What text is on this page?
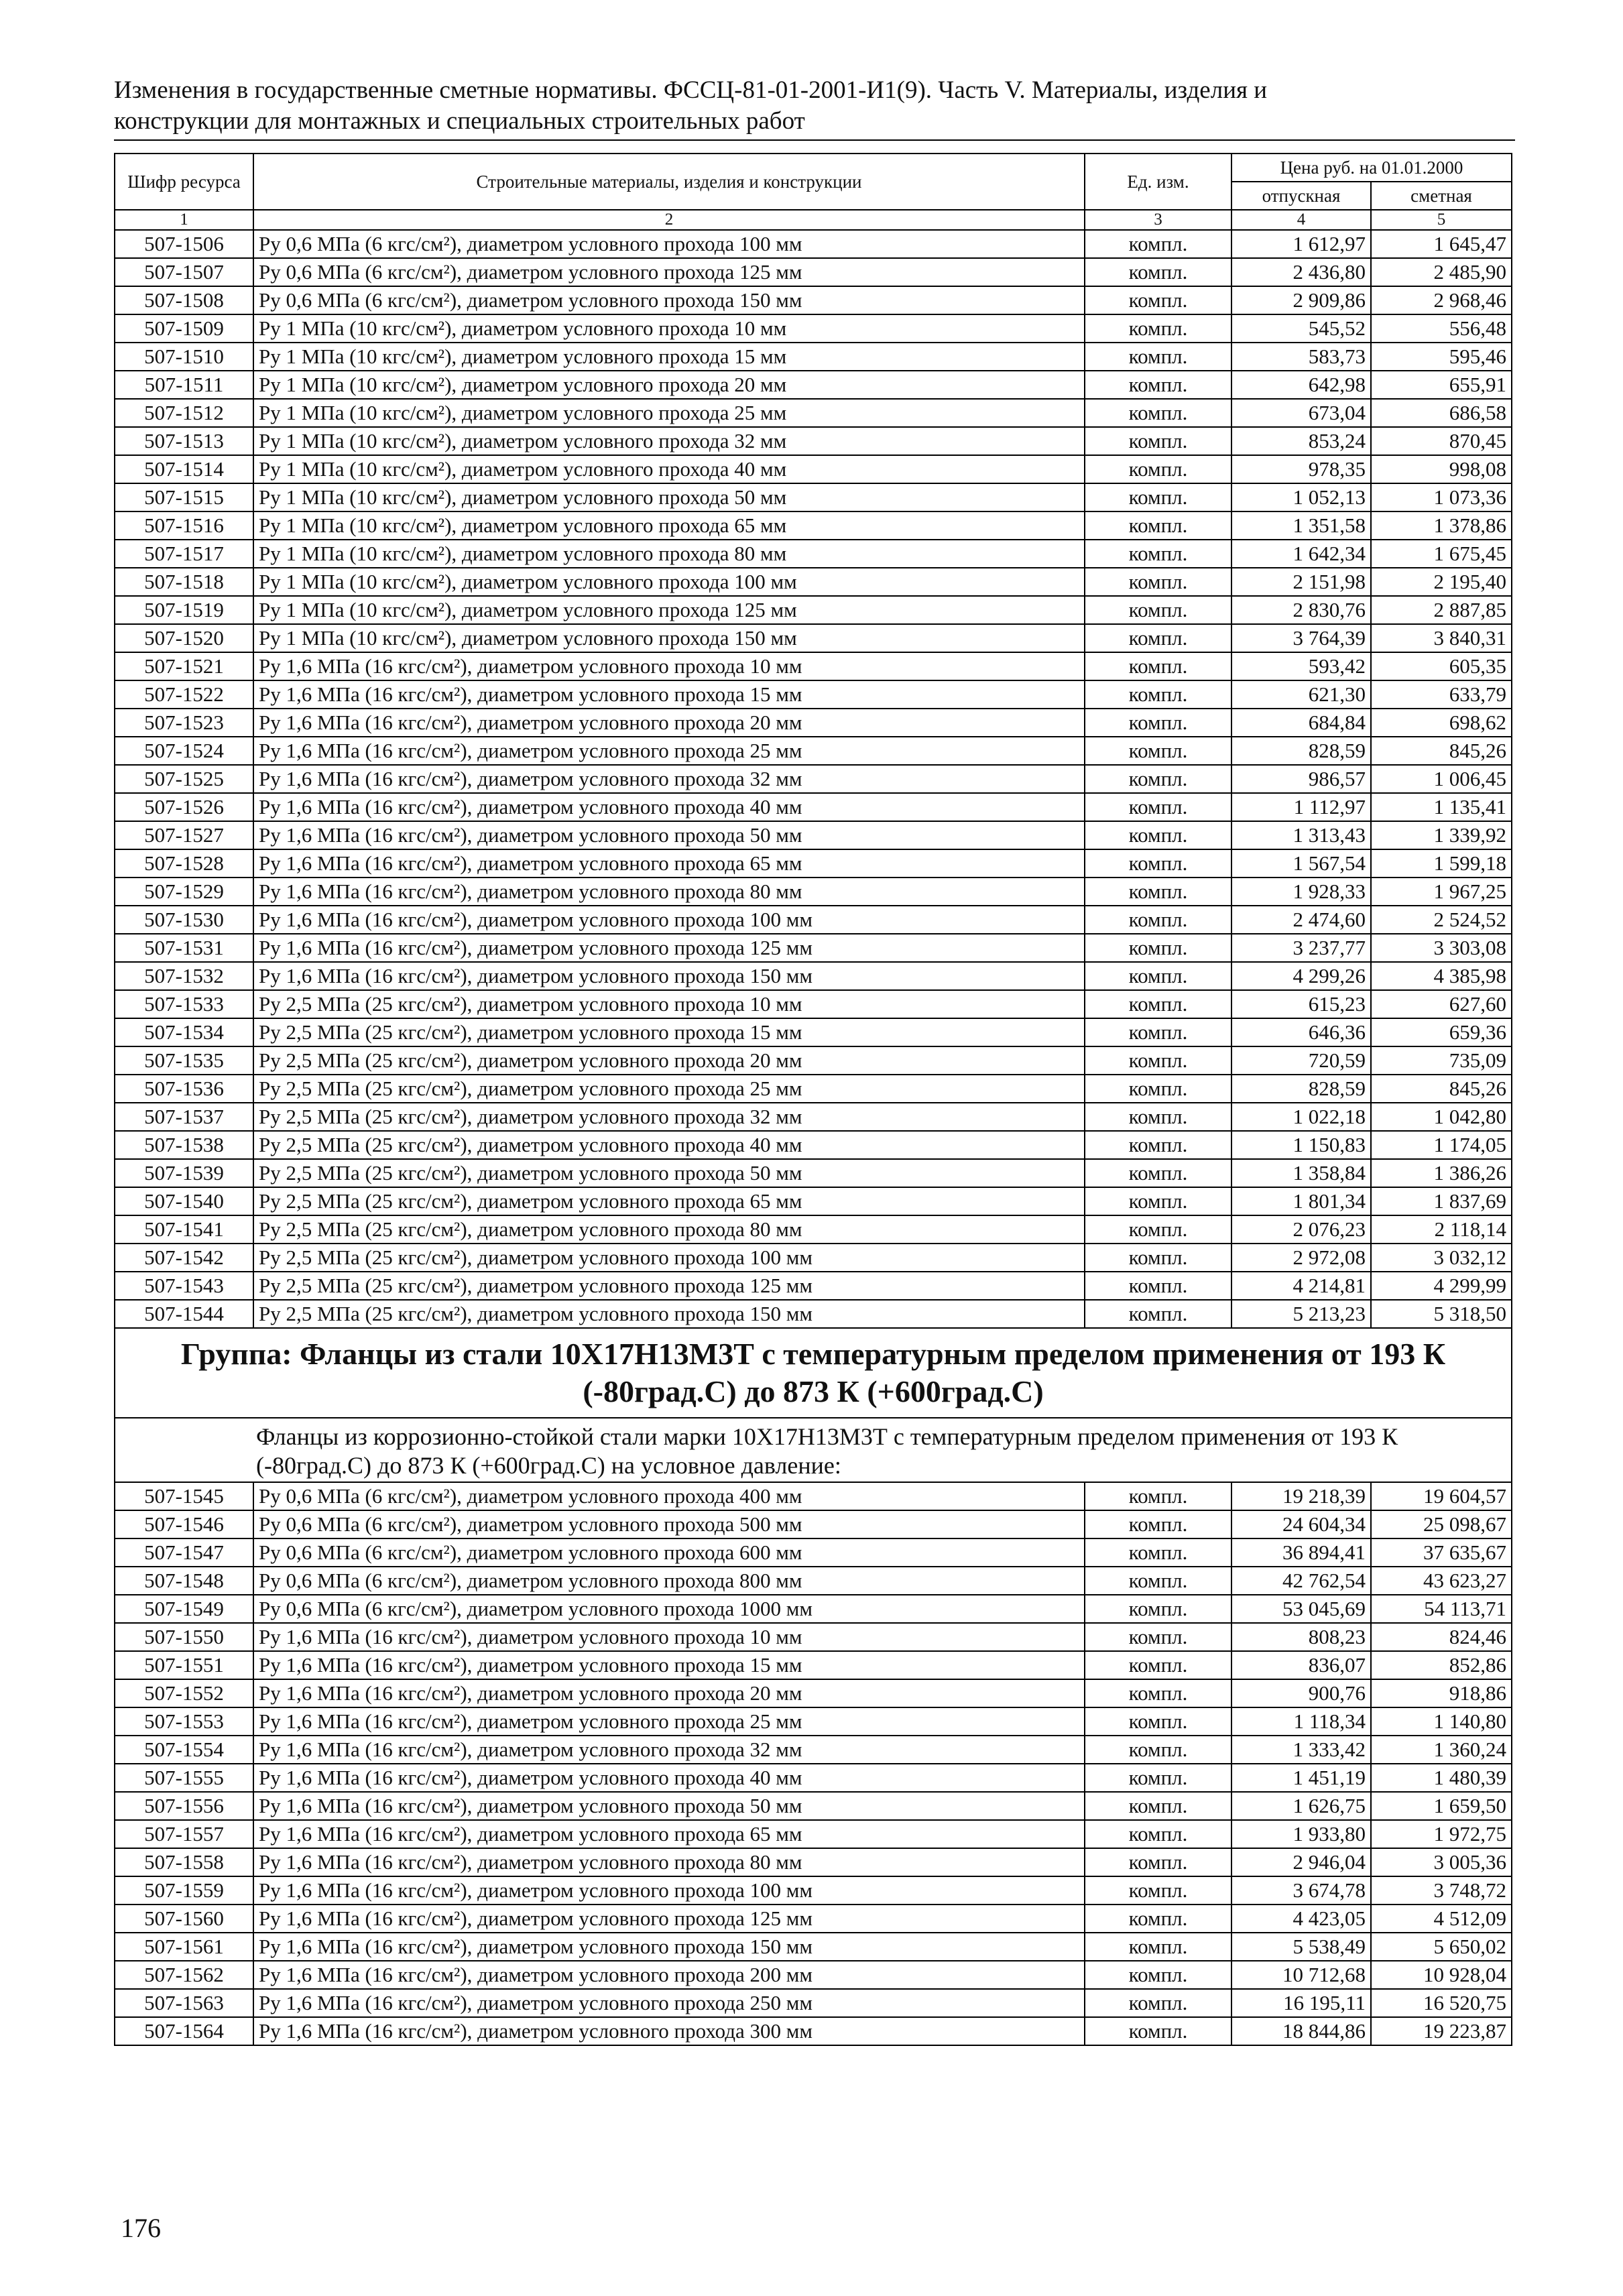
Изменения в государственные сметные нормативы. ФССЦ-81-01-2001-И1(9). Часть V. Материалы, изделия и
конструкции для монтажных и специальных строительных работ
Шифр ресурса	Строительные материалы, изделия и конструкции	Ед. изм.	Цена руб. на 01.01.2000	
			отпускная	сметная
1	2	3	4	5
507-1506	Ру 0,6 МПа (6 кгс/см²), диаметром условного прохода 100 мм	компл.	1 612,97	1 645,47
507-1507	Ру 0,6 МПа (6 кгс/см²), диаметром условного прохода 125 мм	компл.	2 436,80	2 485,90
507-1508	Ру 0,6 МПа (6 кгс/см²), диаметром условного прохода 150 мм	компл.	2 909,86	2 968,46
507-1509	Ру 1 МПа (10 кгс/см²), диаметром условного прохода 10 мм	компл.	545,52	556,48
507-1510	Ру 1 МПа (10 кгс/см²), диаметром условного прохода 15 мм	компл.	583,73	595,46
507-1511	Ру 1 МПа (10 кгс/см²), диаметром условного прохода 20 мм	компл.	642,98	655,91
507-1512	Ру 1 МПа (10 кгс/см²), диаметром условного прохода 25 мм	компл.	673,04	686,58
507-1513	Ру 1 МПа (10 кгс/см²), диаметром условного прохода 32 мм	компл.	853,24	870,45
507-1514	Ру 1 МПа (10 кгс/см²), диаметром условного прохода 40 мм	компл.	978,35	998,08
507-1515	Ру 1 МПа (10 кгс/см²), диаметром условного прохода 50 мм	компл.	1 052,13	1 073,36
507-1516	Ру 1 МПа (10 кгс/см²), диаметром условного прохода 65 мм	компл.	1 351,58	1 378,86
507-1517	Ру 1 МПа (10 кгс/см²), диаметром условного прохода 80 мм	компл.	1 642,34	1 675,45
507-1518	Ру 1 МПа (10 кгс/см²), диаметром условного прохода 100 мм	компл.	2 151,98	2 195,40
507-1519	Ру 1 МПа (10 кгс/см²), диаметром условного прохода 125 мм	компл.	2 830,76	2 887,85
507-1520	Ру 1 МПа (10 кгс/см²), диаметром условного прохода 150 мм	компл.	3 764,39	3 840,31
507-1521	Ру 1,6 МПа (16 кгс/см²), диаметром условного прохода 10 мм	компл.	593,42	605,35
507-1522	Ру 1,6 МПа (16 кгс/см²), диаметром условного прохода 15 мм	компл.	621,30	633,79
507-1523	Ру 1,6 МПа (16 кгс/см²), диаметром условного прохода 20 мм	компл.	684,84	698,62
507-1524	Ру 1,6 МПа (16 кгс/см²), диаметром условного прохода 25 мм	компл.	828,59	845,26
507-1525	Ру 1,6 МПа (16 кгс/см²), диаметром условного прохода 32 мм	компл.	986,57	1 006,45
507-1526	Ру 1,6 МПа (16 кгс/см²), диаметром условного прохода 40 мм	компл.	1 112,97	1 135,41
507-1527	Ру 1,6 МПа (16 кгс/см²), диаметром условного прохода 50 мм	компл.	1 313,43	1 339,92
507-1528	Ру 1,6 МПа (16 кгс/см²), диаметром условного прохода 65 мм	компл.	1 567,54	1 599,18
507-1529	Ру 1,6 МПа (16 кгс/см²), диаметром условного прохода 80 мм	компл.	1 928,33	1 967,25
507-1530	Ру 1,6 МПа (16 кгс/см²), диаметром условного прохода 100 мм	компл.	2 474,60	2 524,52
507-1531	Ру 1,6 МПа (16 кгс/см²), диаметром условного прохода 125 мм	компл.	3 237,77	3 303,08
507-1532	Ру 1,6 МПа (16 кгс/см²), диаметром условного прохода 150 мм	компл.	4 299,26	4 385,98
507-1533	Ру 2,5 МПа (25 кгс/см²), диаметром условного прохода 10 мм	компл.	615,23	627,60
507-1534	Ру 2,5 МПа (25 кгс/см²), диаметром условного прохода 15 мм	компл.	646,36	659,36
507-1535	Ру 2,5 МПа (25 кгс/см²), диаметром условного прохода 20 мм	компл.	720,59	735,09
507-1536	Ру 2,5 МПа (25 кгс/см²), диаметром условного прохода 25 мм	компл.	828,59	845,26
507-1537	Ру 2,5 МПа (25 кгс/см²), диаметром условного прохода 32 мм	компл.	1 022,18	1 042,80
507-1538	Ру 2,5 МПа (25 кгс/см²), диаметром условного прохода 40 мм	компл.	1 150,83	1 174,05
507-1539	Ру 2,5 МПа (25 кгс/см²), диаметром условного прохода 50 мм	компл.	1 358,84	1 386,26
507-1540	Ру 2,5 МПа (25 кгс/см²), диаметром условного прохода 65 мм	компл.	1 801,34	1 837,69
507-1541	Ру 2,5 МПа (25 кгс/см²), диаметром условного прохода 80 мм	компл.	2 076,23	2 118,14
507-1542	Ру 2,5 МПа (25 кгс/см²), диаметром условного прохода 100 мм	компл.	2 972,08	3 032,12
507-1543	Ру 2,5 МПа (25 кгс/см²), диаметром условного прохода 125 мм	компл.	4 214,81	4 299,99
507-1544	Ру 2,5 МПа (25 кгс/см²), диаметром условного прохода 150 мм	компл.	5 213,23	5 318,50
Группа: Фланцы из стали 10Х17Н13М3Т с температурным пределом применения от 193 К (-80град.С) до 873 К (+600град.С)				
Фланцы из коррозионно-стойкой стали марки 10Х17Н13М3Т с температурным пределом применения от 193 К (-80град.С) до 873 К (+600град.С) на условное давление:				
507-1545	Ру 0,6 МПа (6 кгс/см²), диаметром условного прохода 400 мм	компл.	19 218,39	19 604,57
507-1546	Ру 0,6 МПа (6 кгс/см²), диаметром условного прохода 500 мм	компл.	24 604,34	25 098,67
507-1547	Ру 0,6 МПа (6 кгс/см²), диаметром условного прохода 600 мм	компл.	36 894,41	37 635,67
507-1548	Ру 0,6 МПа (6 кгс/см²), диаметром условного прохода 800 мм	компл.	42 762,54	43 623,27
507-1549	Ру 0,6 МПа (6 кгс/см²), диаметром условного прохода 1000 мм	компл.	53 045,69	54 113,71
507-1550	Ру 1,6 МПа (16 кгс/см²), диаметром условного прохода 10 мм	компл.	808,23	824,46
507-1551	Ру 1,6 МПа (16 кгс/см²), диаметром условного прохода 15 мм	компл.	836,07	852,86
507-1552	Ру 1,6 МПа (16 кгс/см²), диаметром условного прохода 20 мм	компл.	900,76	918,86
507-1553	Ру 1,6 МПа (16 кгс/см²), диаметром условного прохода 25 мм	компл.	1 118,34	1 140,80
507-1554	Ру 1,6 МПа (16 кгс/см²), диаметром условного прохода 32 мм	компл.	1 333,42	1 360,24
507-1555	Ру 1,6 МПа (16 кгс/см²), диаметром условного прохода 40 мм	компл.	1 451,19	1 480,39
507-1556	Ру 1,6 МПа (16 кгс/см²), диаметром условного прохода 50 мм	компл.	1 626,75	1 659,50
507-1557	Ру 1,6 МПа (16 кгс/см²), диаметром условного прохода 65 мм	компл.	1 933,80	1 972,75
507-1558	Ру 1,6 МПа (16 кгс/см²), диаметром условного прохода 80 мм	компл.	2 946,04	3 005,36
507-1559	Ру 1,6 МПа (16 кгс/см²), диаметром условного прохода 100 мм	компл.	3 674,78	3 748,72
507-1560	Ру 1,6 МПа (16 кгс/см²), диаметром условного прохода 125 мм	компл.	4 423,05	4 512,09
507-1561	Ру 1,6 МПа (16 кгс/см²), диаметром условного прохода 150 мм	компл.	5 538,49	5 650,02
507-1562	Ру 1,6 МПа (16 кгс/см²), диаметром условного прохода 200 мм	компл.	10 712,68	10 928,04
507-1563	Ру 1,6 МПа (16 кгс/см²), диаметром условного прохода 250 мм	компл.	16 195,11	16 520,75
507-1564	Ру 1,6 МПа (16 кгс/см²), диаметром условного прохода 300 мм	компл.	18 844,86	19 223,87
176
